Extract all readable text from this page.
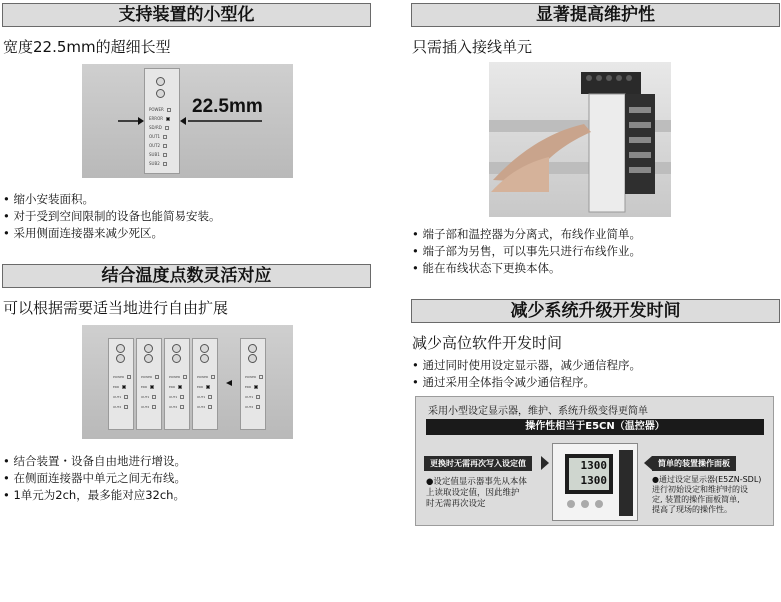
支持装置的小型化
宽度22.5mm的超细长型
POWER
ERROR
SD/RD
OUT1
OUT2
SUB1
SUB2
22.5mm
• 缩小安装面积。
• 对于受到空间限制的设备也能简易安装。
• 采用侧面连接器来减少死区。
结合温度点数灵活对应
可以根据需要适当地进行自由扩展
POWER
ERR
OUT1
OUT2
POWER
ERR
OUT1
OUT2
POWER
ERR
OUT1
OUT2
POWER
ERR
OUT1
OUT2
POWER
ERR
OUT1
OUT2
• 结合装置・设备自由地进行增设。
• 在侧面连接器中单元之间无布线。
• 1单元为2ch，最多能对应32ch。
显著提高维护性
只需插入接线单元
• 端子部和温控器为分离式，布线作业简单。
• 端子部为另售，可以事先只进行布线作业。
• 能在布线状态下更换本体。
减少系统升级开发时间
减少高位软件开发时间
• 通过同时使用设定显示器，减少通信程序。
• 通过采用全体指令减少通信程序。
采用小型设定显示器，维护、系统升级变得更简单
操作性相当于E5CN（温控器）
更换时无需再次写入设定值
●设定值显示器事先从本体
上读取设定值，因此维护
时无需再次设定
1300
1300
简单的装置操作面板
●通过设定显示器(E5ZN-SDL)
进行初始设定和维护时的设
定, 装置的操作面板简单,
提高了现场的操作性。
